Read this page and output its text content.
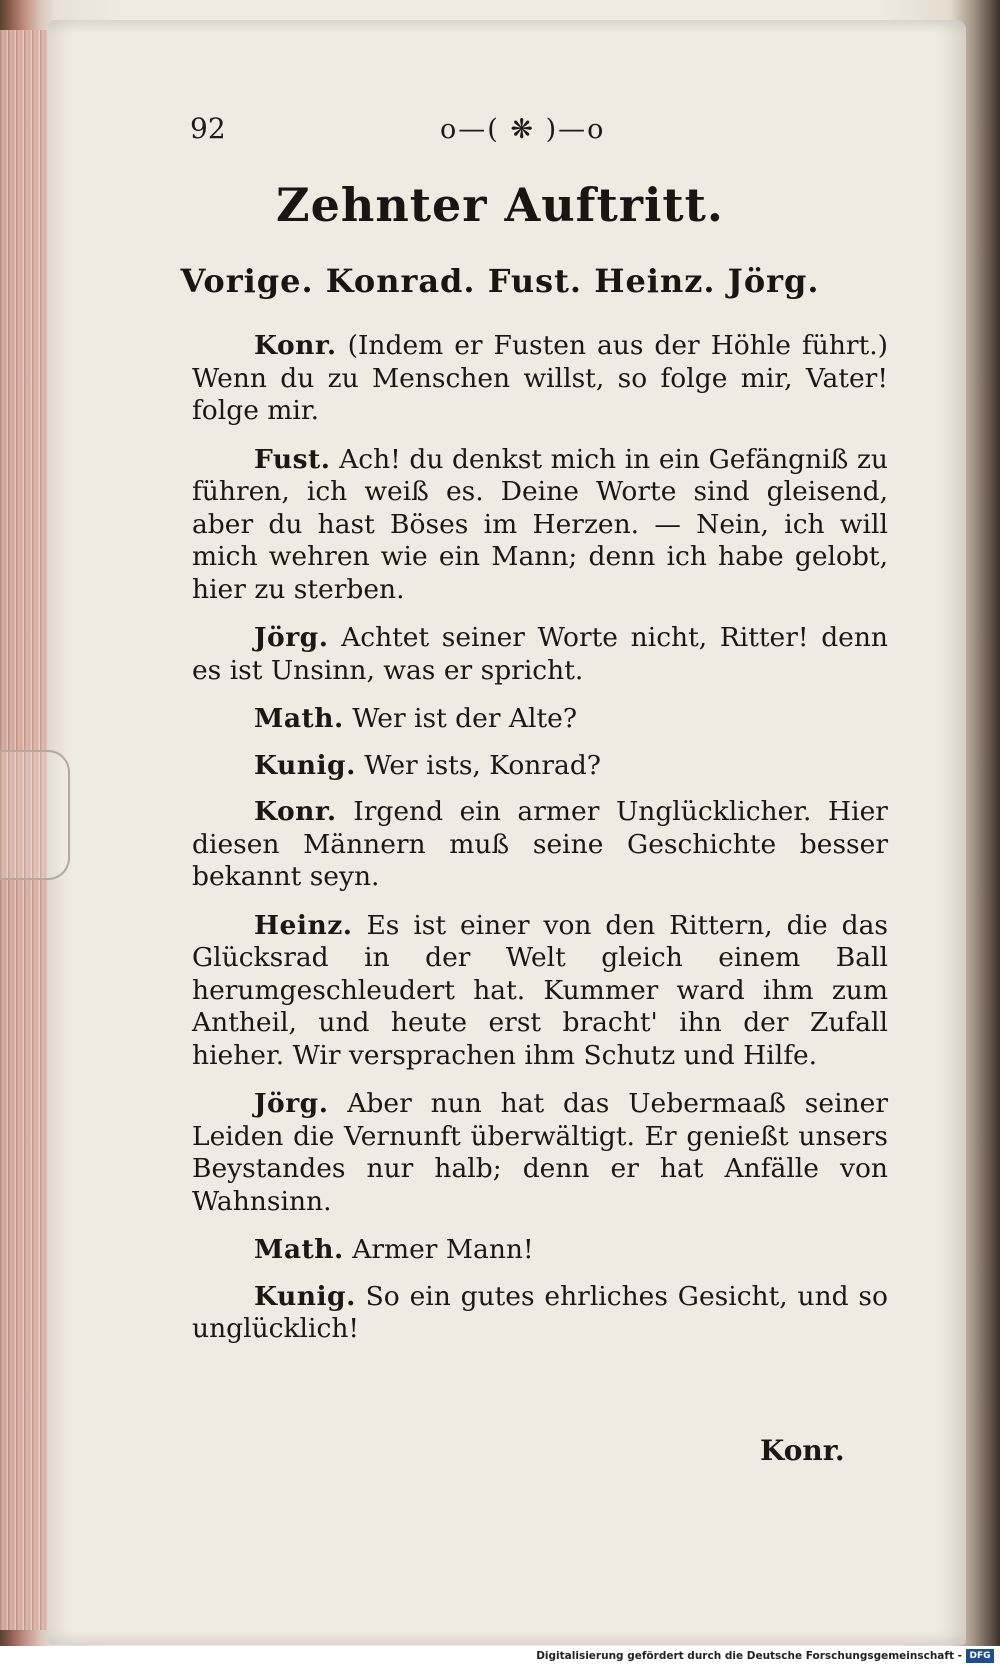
92	o—( ❋ )—o
Zehnter Auftritt.
Vorige. Konrad. Fust. Heinz. Jörg.

Konr. (Indem er Fusten aus der Höhle führt.) Wenn du zu Menschen willst, so folge mir, Vater! folge mir.

Fust. Ach! du denkst mich in ein Gefängniß zu führen, ich weiß es. Deine Worte sind gleisend, aber du hast Böses im Herzen. — Nein, ich will mich wehren wie ein Mann; denn ich habe gelobt, hier zu sterben.

Jörg. Achtet seiner Worte nicht, Ritter! denn es ist Unsinn, was er spricht.

Math. Wer ist der Alte?

Kunig. Wer ists, Konrad?

Konr. Irgend ein armer Unglücklicher. Hier diesen Männern muß seine Geschichte besser bekannt seyn.

Heinz. Es ist einer von den Rittern, die das Glücksrad in der Welt gleich einem Ball herumgeschleudert hat. Kummer ward ihm zum Antheil, und heute erst bracht' ihn der Zufall hieher. Wir versprachen ihm Schutz und Hilfe.

Jörg. Aber nun hat das Uebermaaß seiner Leiden die Vernunft überwältigt. Er genießt unsers Beystandes nur halb; denn er hat Anfälle von Wahnsinn.

Math. Armer Mann!

Kunig. So ein gutes ehrliches Gesicht, und so unglücklich!

Konr.
Digitalisierung gefördert durch die Deutsche Forschungsgemeinschaft - DFG
